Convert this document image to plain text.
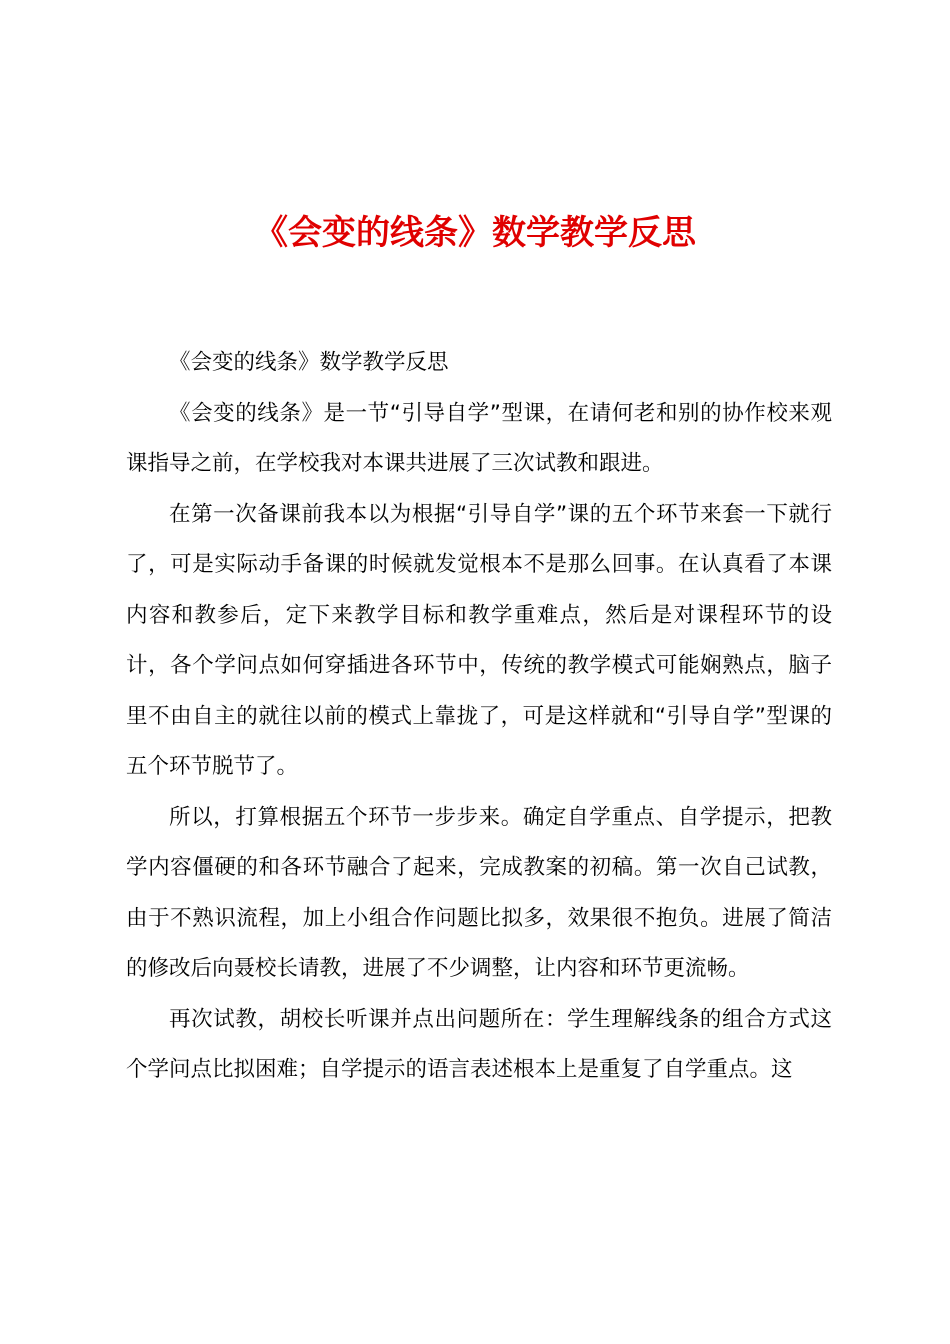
《会变的线条》数学教学反思

《会变的线条》数学教学反思

《会变的线条》是一节“引导自学”型课，在请何老和别的协作校来观课指导之前，在学校我对本课共进展了三次试教和跟进。

在第一次备课前我本以为根据“引导自学”课的五个环节来套一下就行了，可是实际动手备课的时候就发觉根本不是那么回事。在认真看了本课内容和教参后，定下来教学目标和教学重难点，然后是对课程环节的设计，各个学问点如何穿插进各环节中，传统的教学模式可能娴熟点，脑子里不由自主的就往以前的模式上靠拢了，可是这样就和“引导自学”型课的五个环节脱节了。

所以，打算根据五个环节一步步来。确定自学重点、自学提示，把教学内容僵硬的和各环节融合了起来，完成教案的初稿。第一次自己试教，由于不熟识流程，加上小组合作问题比拟多，效果很不抱负。进展了简洁的修改后向聂校长请教，进展了不少调整，让内容和环节更流畅。

再次试教，胡校长听课并点出问题所在：学生理解线条的组合方式这个学问点比拟困难；自学提示的语言表述根本上是重复了自学重点。这
